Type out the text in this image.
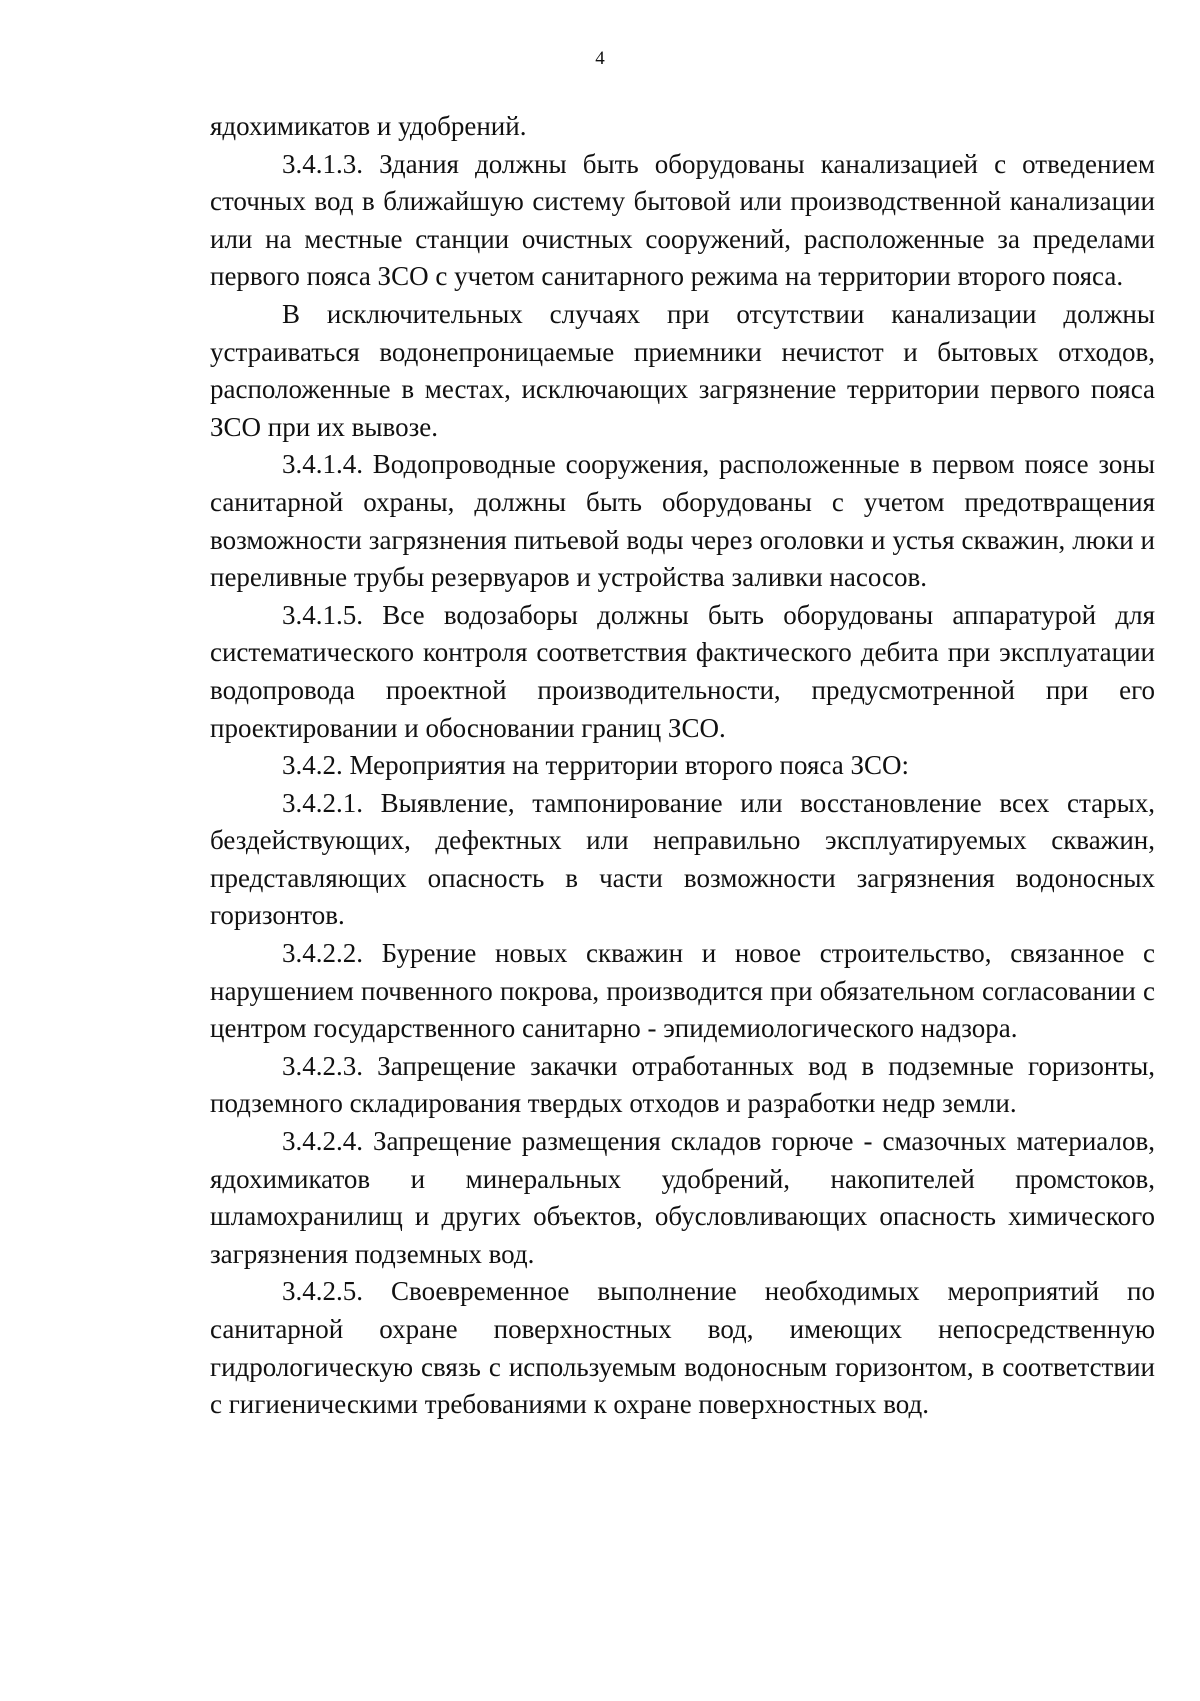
4

ядохимикатов и удобрений.

3.4.1.3. Здания должны быть оборудованы канализацией с отведением сточных вод в ближайшую систему бытовой или производственной канализации или на местные станции очистных сооружений, расположенные за пределами первого пояса ЗСО с учетом санитарного режима на территории второго пояса.

В исключительных случаях при отсутствии канализации должны устраиваться водонепроницаемые приемники нечистот и бытовых отходов, расположенные в местах, исключающих загрязнение территории первого пояса ЗСО при их вывозе.

3.4.1.4. Водопроводные сооружения, расположенные в первом поясе зоны санитарной охраны, должны быть оборудованы с учетом предотвращения возможности загрязнения питьевой воды через оголовки и устья скважин, люки и переливные трубы резервуаров и устройства заливки насосов.

3.4.1.5. Все водозаборы должны быть оборудованы аппаратурой для систематического контроля соответствия фактического дебита при эксплуатации водопровода проектной производительности, предусмотренной при его проектировании и обосновании границ ЗСО.

3.4.2. Мероприятия на территории второго пояса ЗСО:

3.4.2.1. Выявление, тампонирование или восстановление всех старых, бездействующих, дефектных или неправильно эксплуатируемых скважин, представляющих опасность в части возможности загрязнения водоносных горизонтов.

3.4.2.2. Бурение новых скважин и новое строительство, связанное с нарушением почвенного покрова, производится при обязательном согласовании с центром государственного санитарно - эпидемиологического надзора.

3.4.2.3. Запрещение закачки отработанных вод в подземные горизонты, подземного складирования твердых отходов и разработки недр земли.

3.4.2.4. Запрещение размещения складов горюче - смазочных материалов, ядохимикатов и минеральных удобрений, накопителей промстоков, шламохранилищ и других объектов, обусловливающих опасность химического загрязнения подземных вод.

3.4.2.5. Своевременное выполнение необходимых мероприятий по санитарной охране поверхностных вод, имеющих непосредственную гидрологическую связь с используемым водоносным горизонтом, в соответствии с гигиеническими требованиями к охране поверхностных вод.
